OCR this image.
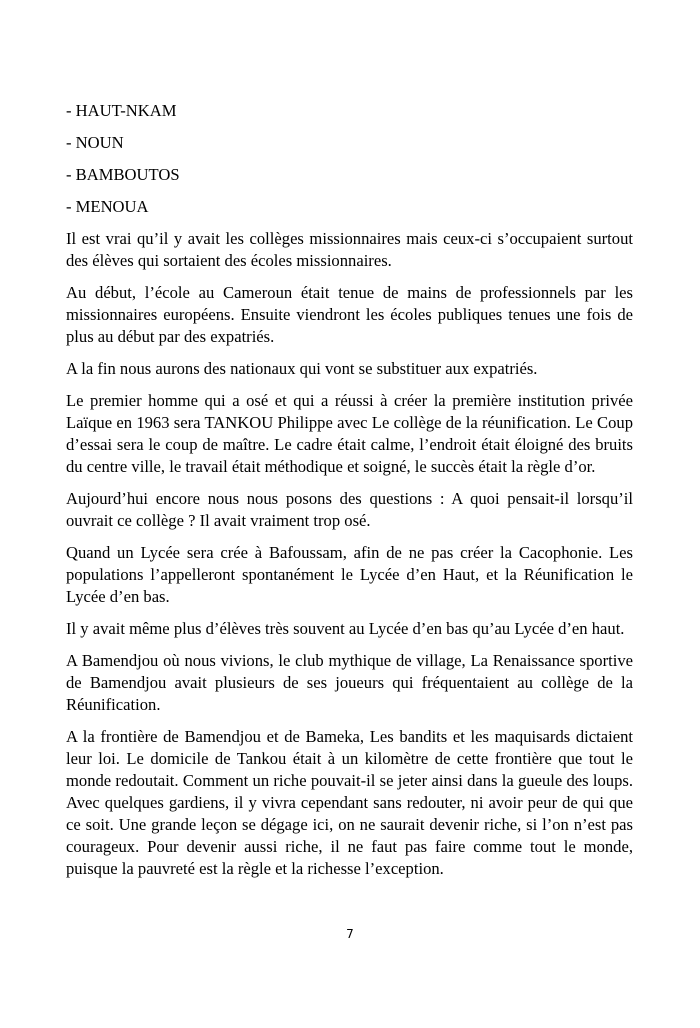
- HAUT-NKAM
- NOUN
- BAMBOUTOS
- MENOUA

Il est vrai qu’il y avait les collèges missionnaires mais ceux-ci s’occupaient surtout des élèves qui sortaient des écoles missionnaires.

Au début, l’école au Cameroun était tenue de mains de professionnels par les missionnaires européens. Ensuite viendront les écoles publiques tenues une fois de plus au début par des expatriés.

A la fin nous aurons des nationaux qui vont se substituer aux expatriés.

Le premier homme qui a osé et qui a réussi à créer la première institution privée Laïque en 1963 sera TANKOU Philippe avec Le collège de la réunification. Le Coup d’essai sera le coup de maître. Le cadre était calme, l’endroit était éloigné des bruits du centre ville, le travail était méthodique et soigné, le succès était la règle d’or.

Aujourd’hui encore nous nous posons des questions : A quoi pensait-il lorsqu’il ouvrait ce collège ? Il avait vraiment trop osé.

Quand un Lycée sera crée à Bafoussam, afin de ne pas créer la Cacophonie. Les populations l’appelleront spontanément le Lycée d’en Haut, et la Réunification le Lycée d’en bas.

Il y avait même plus d’élèves très souvent au Lycée d’en bas qu’au Lycée d’en haut.

A Bamendjou où nous vivions, le club mythique de village, La Renaissance sportive de Bamendjou avait plusieurs de ses joueurs qui fréquentaient au collège de la Réunification.

A la frontière de Bamendjou et de Bameka, Les bandits et les maquisards dictaient leur loi. Le domicile de Tankou était à un kilomètre de cette frontière que tout le monde redoutait. Comment un riche pouvait-il se jeter ainsi dans la gueule des loups. Avec quelques gardiens, il y vivra cependant sans redouter, ni avoir peur de qui que ce soit. Une grande leçon se dégage ici, on ne saurait devenir riche, si l’on n’est pas courageux. Pour devenir aussi riche, il ne faut pas faire comme tout le monde, puisque la pauvreté est la règle et la richesse l’exception.

7
